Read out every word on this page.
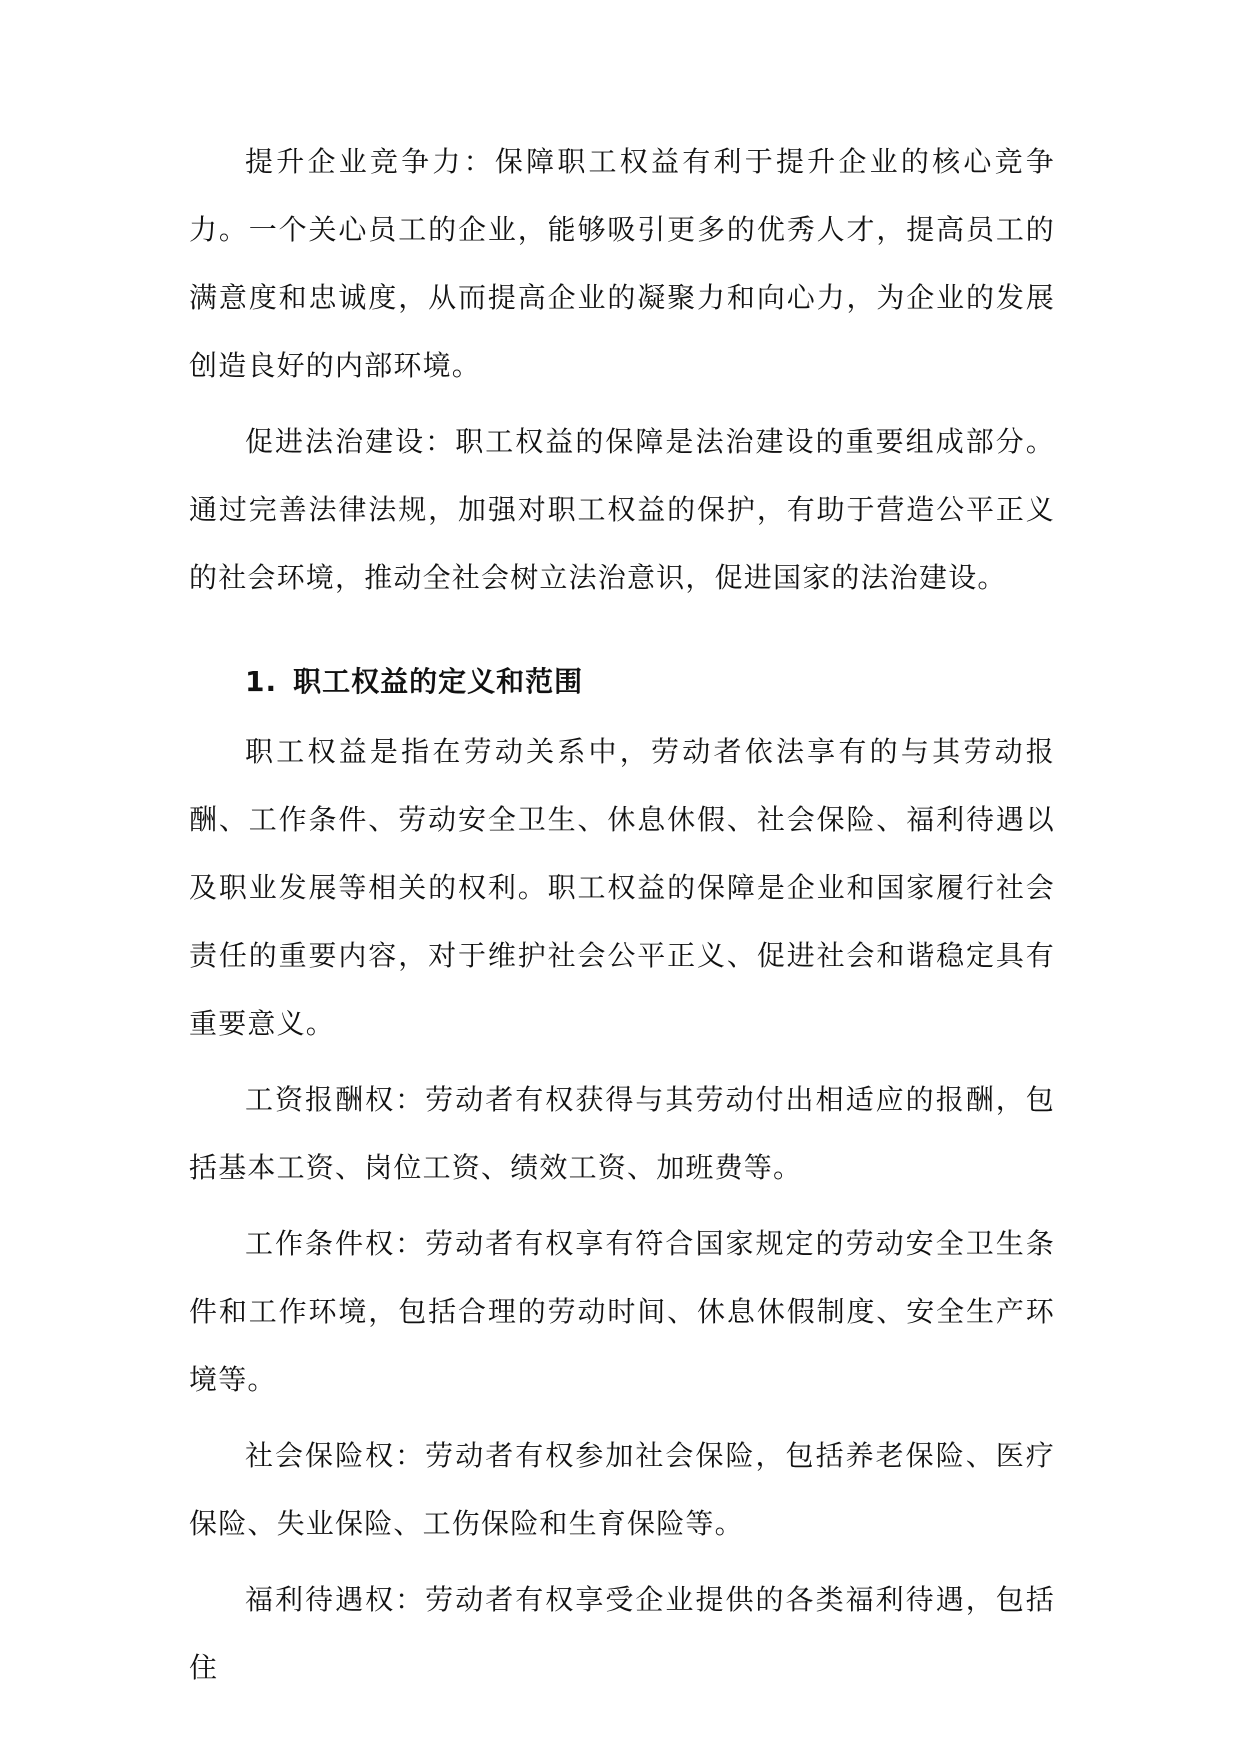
提升企业竞争力：保障职工权益有利于提升企业的核心竞争力。一个关心员工的企业，能够吸引更多的优秀人才，提高员工的满意度和忠诚度，从而提高企业的凝聚力和向心力，为企业的发展创造良好的内部环境。

促进法治建设：职工权益的保障是法治建设的重要组成部分。通过完善法律法规，加强对职工权益的保护，有助于营造公平正义的社会环境，推动全社会树立法治意识，促进国家的法治建设。

1. 职工权益的定义和范围

职工权益是指在劳动关系中，劳动者依法享有的与其劳动报酬、工作条件、劳动安全卫生、休息休假、社会保险、福利待遇以及职业发展等相关的权利。职工权益的保障是企业和国家履行社会责任的重要内容，对于维护社会公平正义、促进社会和谐稳定具有重要意义。

工资报酬权：劳动者有权获得与其劳动付出相适应的报酬，包括基本工资、岗位工资、绩效工资、加班费等。

工作条件权：劳动者有权享有符合国家规定的劳动安全卫生条件和工作环境，包括合理的劳动时间、休息休假制度、安全生产环境等。

社会保险权：劳动者有权参加社会保险，包括养老保险、医疗保险、失业保险、工伤保险和生育保险等。

福利待遇权：劳动者有权享受企业提供的各类福利待遇，包括住
